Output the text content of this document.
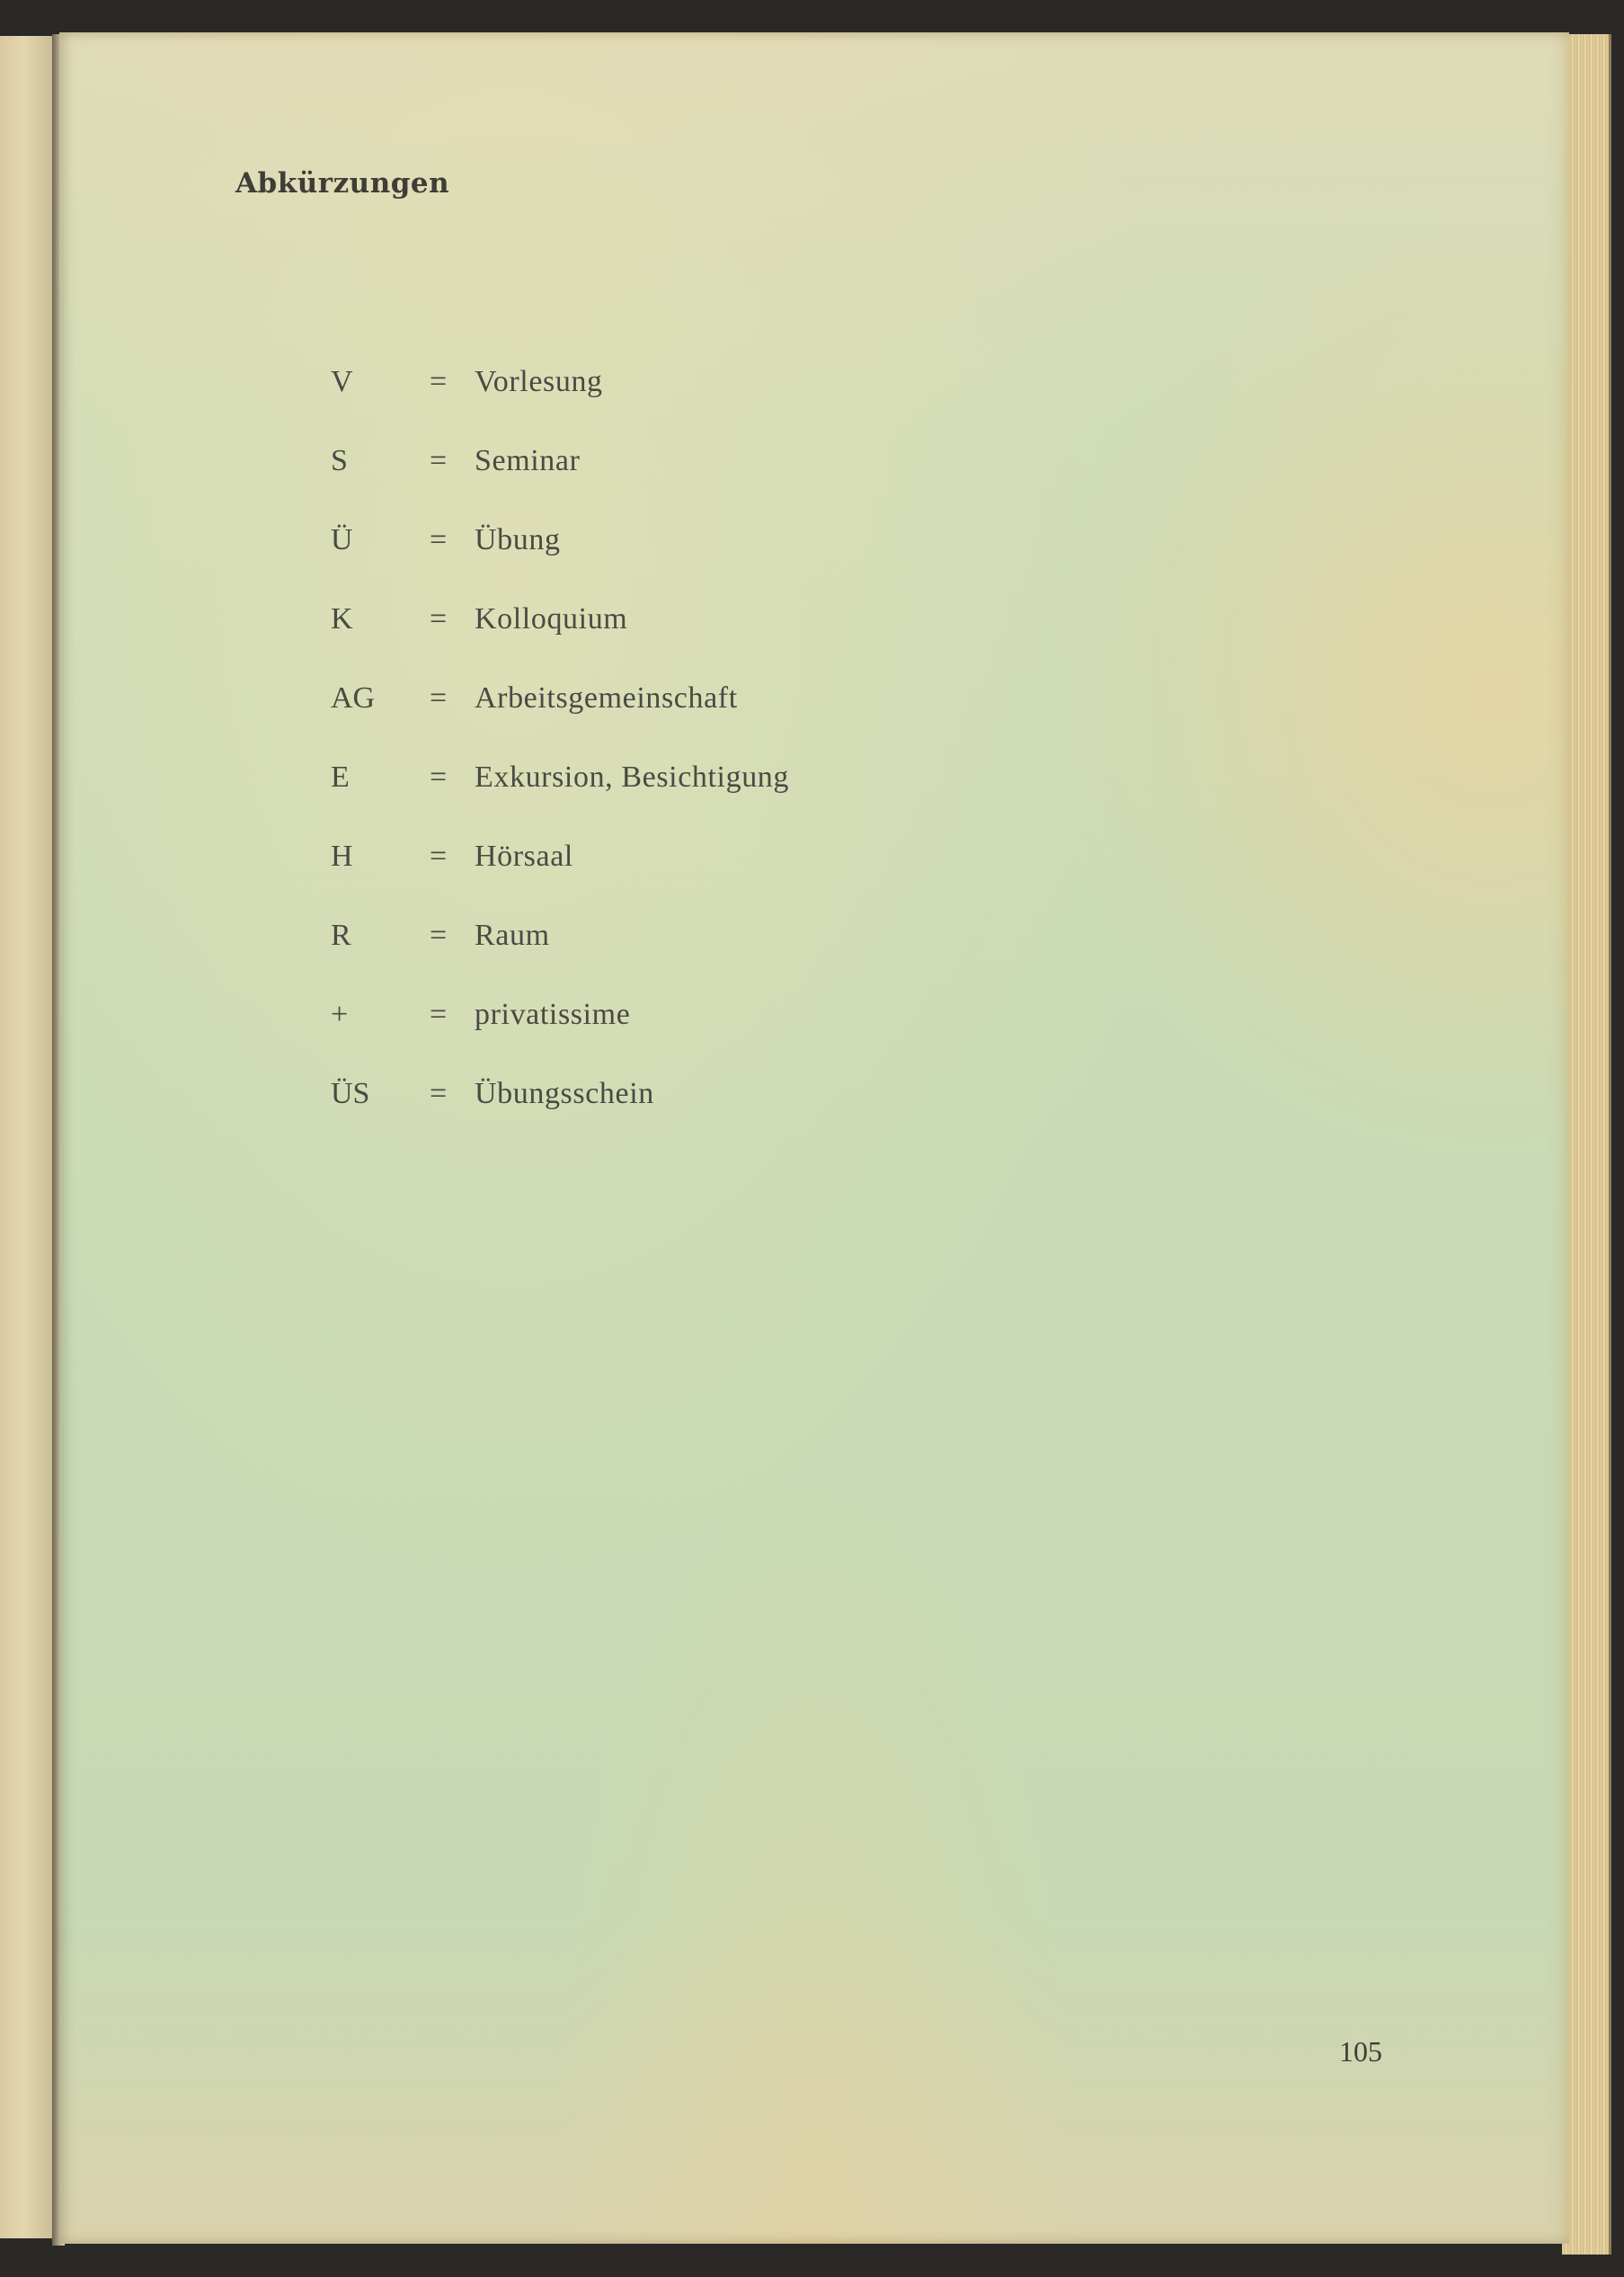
Abkürzungen
V	= Vorlesung
S	= Seminar
Ü	= Übung
K	= Kolloquium
AG	= Arbeitsgemeinschaft
E	= Exkursion, Besichtigung
H	= Hörsaal
R	= Raum
+	= privatissime
ÜS	= Übungsschein
105
